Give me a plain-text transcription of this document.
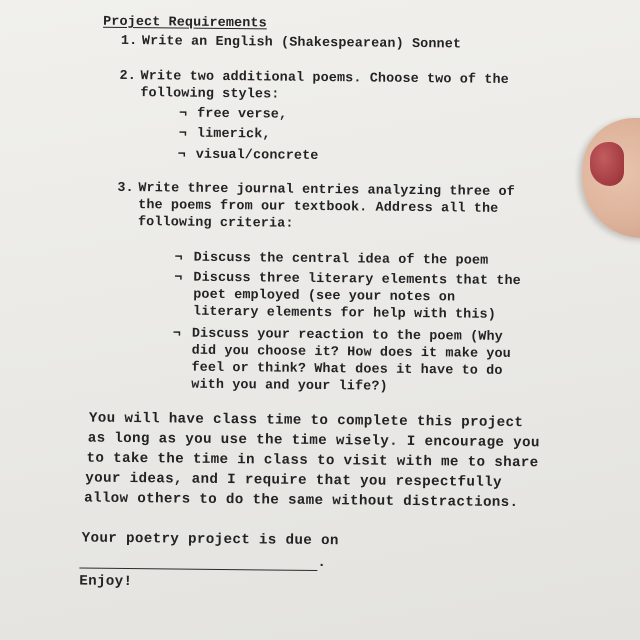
Project Requirements
1. Write an English (Shakespearean) Sonnet
2. Write two additional poems. Choose two of the
following styles:
¬ free verse,
¬ limerick,
¬ visual/concrete
3. Write three journal entries analyzing three of
the poems from our textbook. Address all the
following criteria:
¬ Discuss the central idea of the poem
¬ Discuss three literary elements that the
poet employed (see your notes on
literary elements for help with this)
¬ Discuss your reaction to the poem (Why
did you choose it? How does it make you
feel or think? What does it have to do
with you and your life?)
You will have class time to complete this project
as long as you use the time wisely. I encourage you
to take the time in class to visit with me to share
your ideas, and I require that you respectfully
allow others to do the same without distractions.
Your poetry project is due on
.
Enjoy!
